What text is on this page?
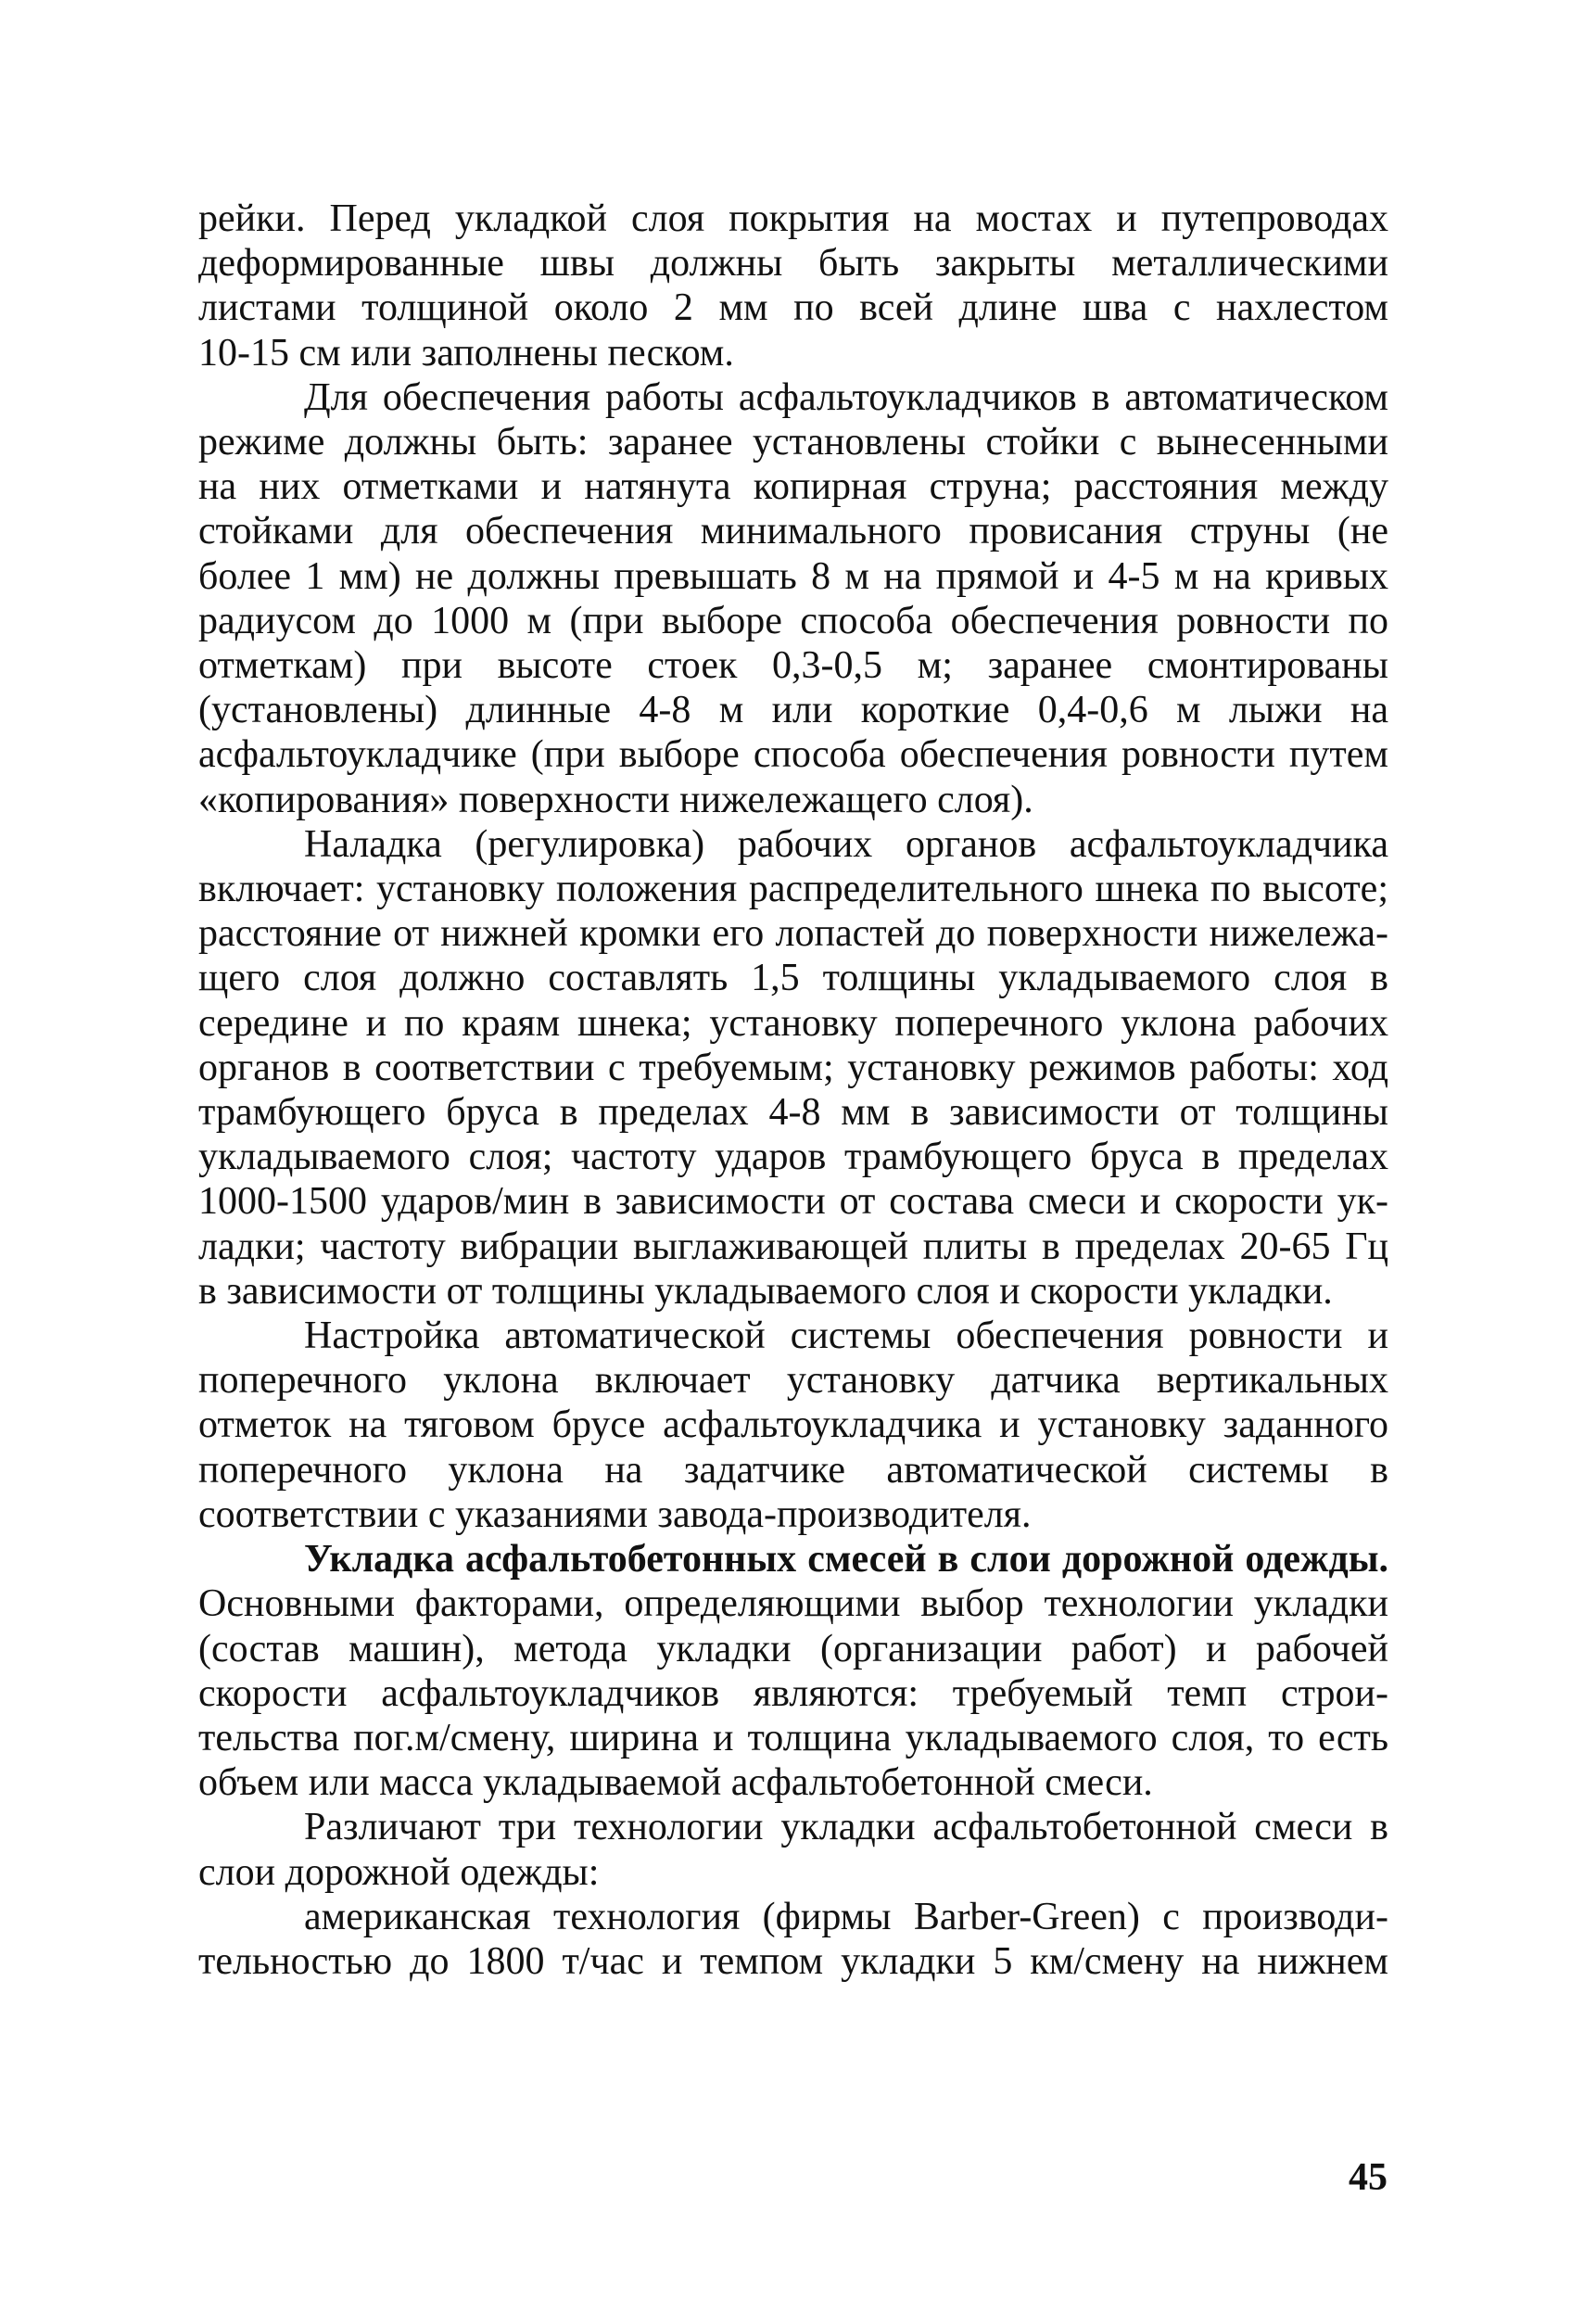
рейки. Перед укладкой слоя покрытия на мостах и путепроводах
деформированные швы должны быть закрыты металлическими
листами толщиной около 2 мм по всей длине шва с нахлестом
10-15 см или заполнены песком.
Для обеспечения работы асфальтоукладчиков в автоматическом
режиме должны быть: заранее установлены стойки с вынесенными
на них отметками и натянута копирная струна; расстояния между
стойками для обеспечения минимального провисания струны (не
более 1 мм) не должны превышать 8 м на прямой и 4-5 м на кривых
радиусом до 1000 м (при выборе способа обеспечения ровности по
отметкам) при высоте стоек 0,3-0,5 м; заранее смонтированы
(установлены) длинные 4-8 м или короткие 0,4-0,6 м лыжи на
асфальтоукладчике (при выборе способа обеспечения ровности путем
«копирования» поверхности нижележащего слоя).
Наладка (регулировка) рабочих органов асфальтоукладчика
включает: установку положения распределительного шнека по высоте;
расстояние от нижней кромки его лопастей до поверхности нижележа-
щего слоя должно составлять 1,5 толщины укладываемого слоя в
середине и по краям шнека; установку поперечного уклона рабочих
органов в соответствии с требуемым; установку режимов работы: ход
трамбующего бруса в пределах 4-8 мм в зависимости от толщины
укладываемого слоя; частоту ударов трамбующего бруса в пределах
1000-1500 ударов/мин в зависимости от состава смеси и скорости ук-
ладки; частоту вибрации выглаживающей плиты в пределах 20-65 Гц
в зависимости от толщины укладываемого слоя и скорости укладки.
Настройка автоматической системы обеспечения ровности и
поперечного уклона включает установку датчика вертикальных
отметок на тяговом брусе асфальтоукладчика и установку заданного
поперечного уклона на задатчике автоматической системы в
соответствии с указаниями завода-производителя.
Укладка асфальтобетонных смесей в слои дорожной одежды.
Основными факторами, определяющими выбор технологии укладки
(состав машин), метода укладки (организации работ) и рабочей
скорости асфальтоукладчиков являются: требуемый темп строи-
тельства пог.м/смену, ширина и толщина укладываемого слоя, то есть
объем или масса укладываемой асфальтобетонной смеси.
Различают три технологии укладки асфальтобетонной смеси в
слои дорожной одежды:
американская технология (фирмы Barber-Green) с производи-
тельностью до 1800 т/час и темпом укладки 5 км/смену на нижнем
45
